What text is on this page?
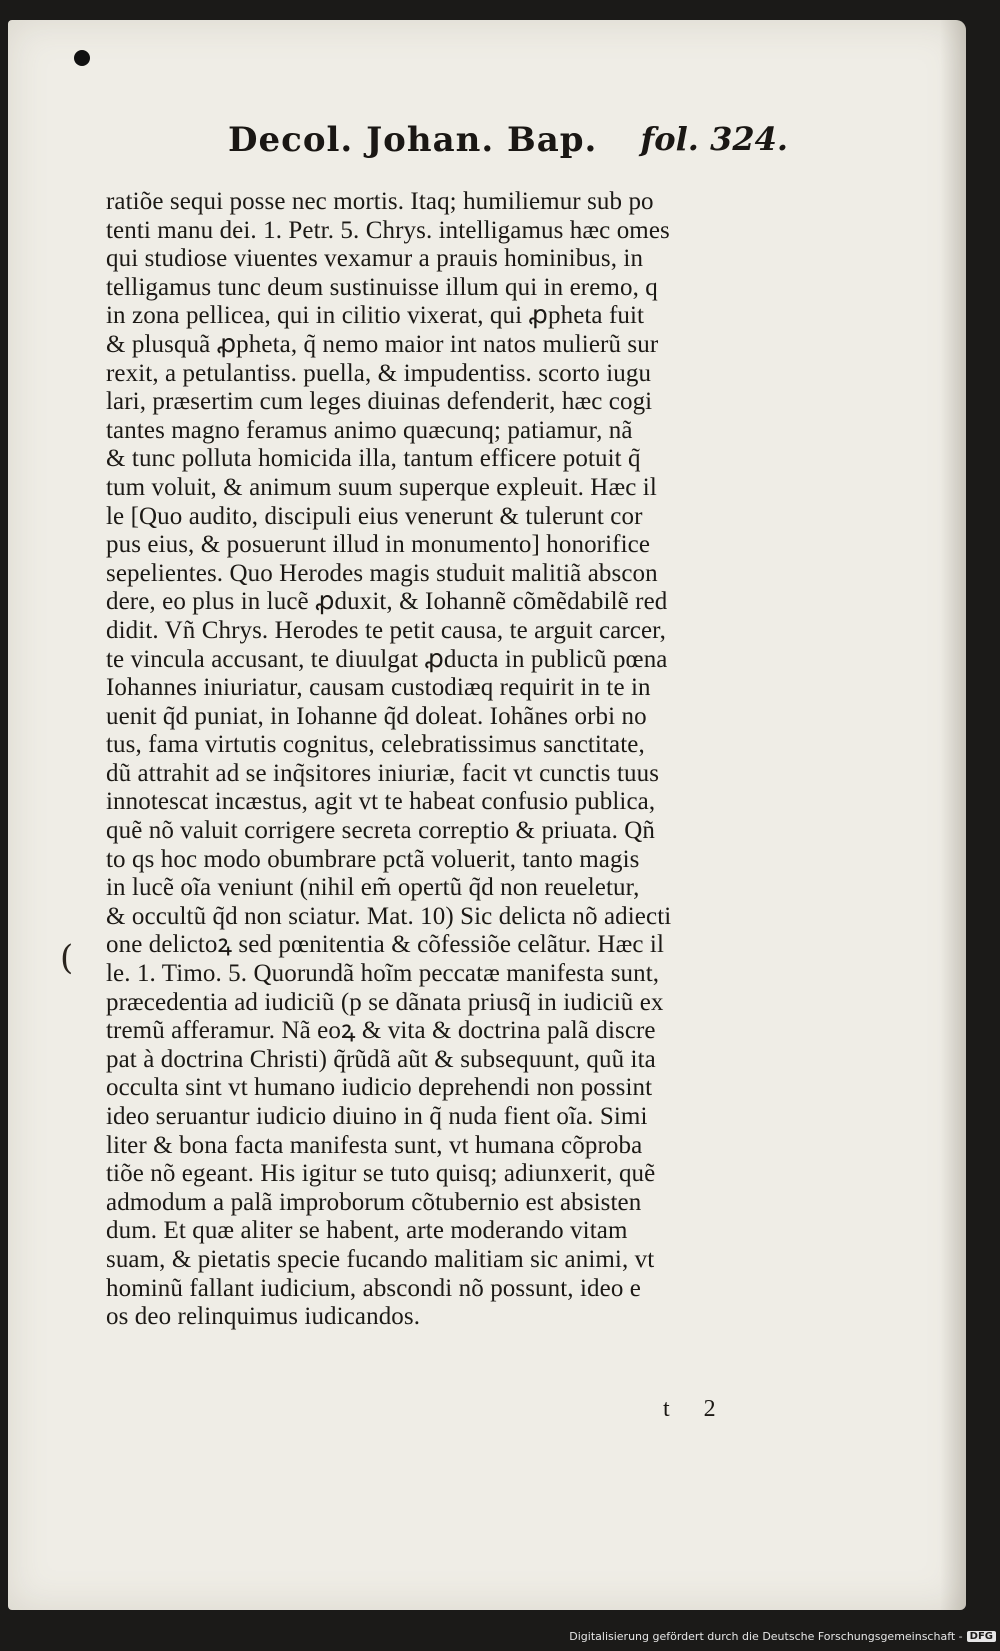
Decol. Johan. Bap. fol. 324.
ratiõe sequi posse nec mortis. Itaq; humiliemur sub po
tenti manu dei. 1. Petr. 5. Chrys. intelligamus hæc omes
qui studiose viuentes vexamur a prauis hominibus, in
telligamus tunc deum sustinuisse illum qui in eremo, q
in zona pellicea, qui in cilitio vixerat, qui ꝓpheta fuit
& plusquã ꝓpheta, q̃ nemo maior int natos mulierũ sur
rexit, a petulantiss. puella, & impudentiss. scorto iugu
lari, præsertim cum leges diuinas defenderit, hæc cogi
tantes magno feramus animo quæcunq; patiamur, nã
& tunc polluta homicida illa, tantum efficere potuit q̃
tum voluit, & animum suum superque expleuit. Hæc il
le [Quo audito, discipuli eius venerunt & tulerunt cor
pus eius, & posuerunt illud in monumento] honorifice
sepelientes. Quo Herodes magis studuit malitiã abscon
dere, eo plus in lucẽ ꝓduxit, & Iohannẽ cõmẽdabilẽ red
didit. Vñ Chrys. Herodes te petit causa, te arguit carcer,
te vincula accusant, te diuulgat ꝓducta in publicũ pœna
Iohannes iniuriatur, causam custodiæq requirit in te in
uenit q̃d puniat, in Iohanne q̃d doleat. Iohãnes orbi no
tus, fama virtutis cognitus, celebratissimus sanctitate,
dũ attrahit ad se inq̃sitores iniuriæ, facit vt cunctis tuus
innotescat incæstus, agit vt te habeat confusio publica,
quẽ nõ valuit corrigere secreta correptio & priuata. Qñ
to qs hoc modo obumbrare pctã voluerit, tanto magis
in lucẽ oĩa veniunt (nihil em̃ opertũ q̃d non reueletur,
& occultũ q̃d non sciatur. Mat. 10) Sic delicta nõ adiecti
one delictoꝝ sed pœnitentia & cõfessiõe celãtur. Hæc il
le. 1. Timo. 5. Quorundã hoĩm peccatæ manifesta sunt,
præcedentia ad iudiciũ (p se dãnata priusq̃ in iudiciũ ex
tremũ afferamur. Nã eoꝝ & vita & doctrina palã discre
pat à doctrina Christi) q̃rũdã aũt & subsequunt, quũ ita
occulta sint vt humano iudicio deprehendi non possint
ideo seruantur iudicio diuino in q̃ nuda fient oĩa. Simi
liter & bona facta manifesta sunt, vt humana cõproba
tiõe nõ egeant. His igitur se tuto quisq; adiunxerit, quẽ
admodum a palã improborum cõtubernio est absisten
dum. Et quæ aliter se habent, arte moderando vitam
suam, & pietatis specie fucando malitiam sic animi, vt
hominũ fallant iudicium, abscondi nõ possunt, ideo e
os deo relinquimus iudicandos.
(
t 2
Digitalisierung gefördert durch die Deutsche Forschungsgemeinschaft - DFG
